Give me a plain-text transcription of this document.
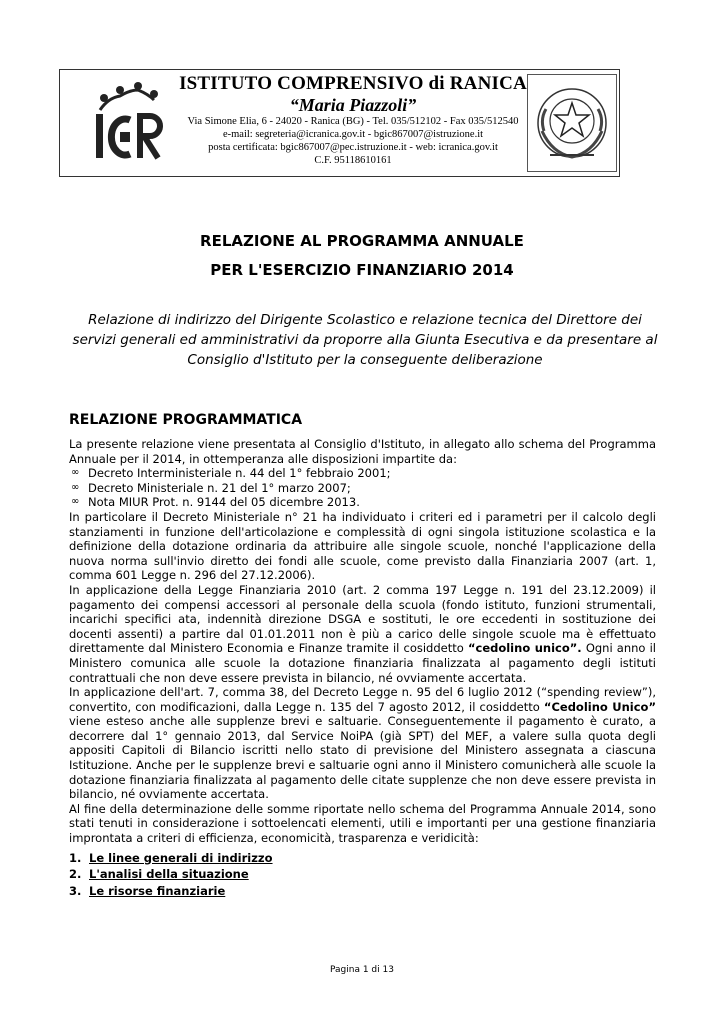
ISTITUTO COMPRENSIVO di RANICA
“Maria Piazzoli”
Via Simone Elia, 6 - 24020 - Ranica (BG) - Tel. 035/512102 - Fax 035/512540
e-mail: segreteria@icranica.gov.it - bgic867007@istruzione.it
posta certificata: bgic867007@pec.istruzione.it - web: icranica.gov.it
C.F. 95118610161
RELAZIONE AL PROGRAMMA ANNUALE
PER L'ESERCIZIO FINANZIARIO 2014
Relazione di indirizzo del Dirigente Scolastico e relazione tecnica del Direttore dei servizi generali ed amministrativi da proporre alla Giunta Esecutiva e da presentare al Consiglio d'Istituto per la conseguente deliberazione
RELAZIONE PROGRAMMATICA

La presente relazione viene presentata al Consiglio d'Istituto, in allegato allo schema del Programma Annuale per il 2014, in ottemperanza alle disposizioni impartite da:

∞ Decreto Interministeriale n. 44 del 1° febbraio 2001;
∞ Decreto Ministeriale n. 21 del 1° marzo 2007;
∞ Nota MIUR Prot. n. 9144 del 05 dicembre 2013.

In particolare il Decreto Ministeriale n° 21 ha individuato i criteri ed i parametri per il calcolo degli stanziamenti in funzione dell'articolazione e complessità di ogni singola istituzione scolastica e la definizione della dotazione ordinaria da attribuire alle singole scuole, nonché l'applicazione della nuova norma sull'invio diretto dei fondi alle scuole, come previsto dalla Finanziaria 2007 (art. 1, comma 601 Legge n. 296 del 27.12.2006).

In applicazione della Legge Finanziaria 2010 (art. 2 comma 197 Legge n. 191 del 23.12.2009) il pagamento dei compensi accessori al personale della scuola (fondo istituto, funzioni strumentali, incarichi specifici ata, indennità direzione DSGA e sostituti, le ore eccedenti in sostituzione dei docenti assenti) a partire dal 01.01.2011 non è più a carico delle singole scuole ma è effettuato direttamente dal Ministero Economia e Finanze tramite il cosiddetto “cedolino unico”. Ogni anno il Ministero comunica alle scuole la dotazione finanziaria finalizzata al pagamento degli istituti contrattuali che non deve essere prevista in bilancio, né ovviamente accertata.

In applicazione dell'art. 7, comma 38, del Decreto Legge n. 95 del 6 luglio 2012 (“spending review”), convertito, con modificazioni, dalla Legge n. 135 del 7 agosto 2012, il cosiddetto “Cedolino Unico” viene esteso anche alle supplenze brevi e saltuarie. Conseguentemente il pagamento è curato, a decorrere dal 1° gennaio 2013, dal Service NoiPA (già SPT) del MEF, a valere sulla quota degli appositi Capitoli di Bilancio iscritti nello stato di previsione del Ministero assegnata a ciascuna Istituzione. Anche per le supplenze brevi e saltuarie ogni anno il Ministero comunicherà alle scuole la dotazione finanziaria finalizzata al pagamento delle citate supplenze che non deve essere prevista in bilancio, né ovviamente accertata.

Al fine della determinazione delle somme riportate nello schema del Programma Annuale 2014, sono stati tenuti in considerazione i sottoelencati elementi, utili e importanti per una gestione finanziaria improntata a criteri di efficienza, economicità, trasparenza e veridicità:

1. Le linee generali di indirizzo
2. L'analisi della situazione
3. Le risorse finanziarie
Pagina 1 di 13
